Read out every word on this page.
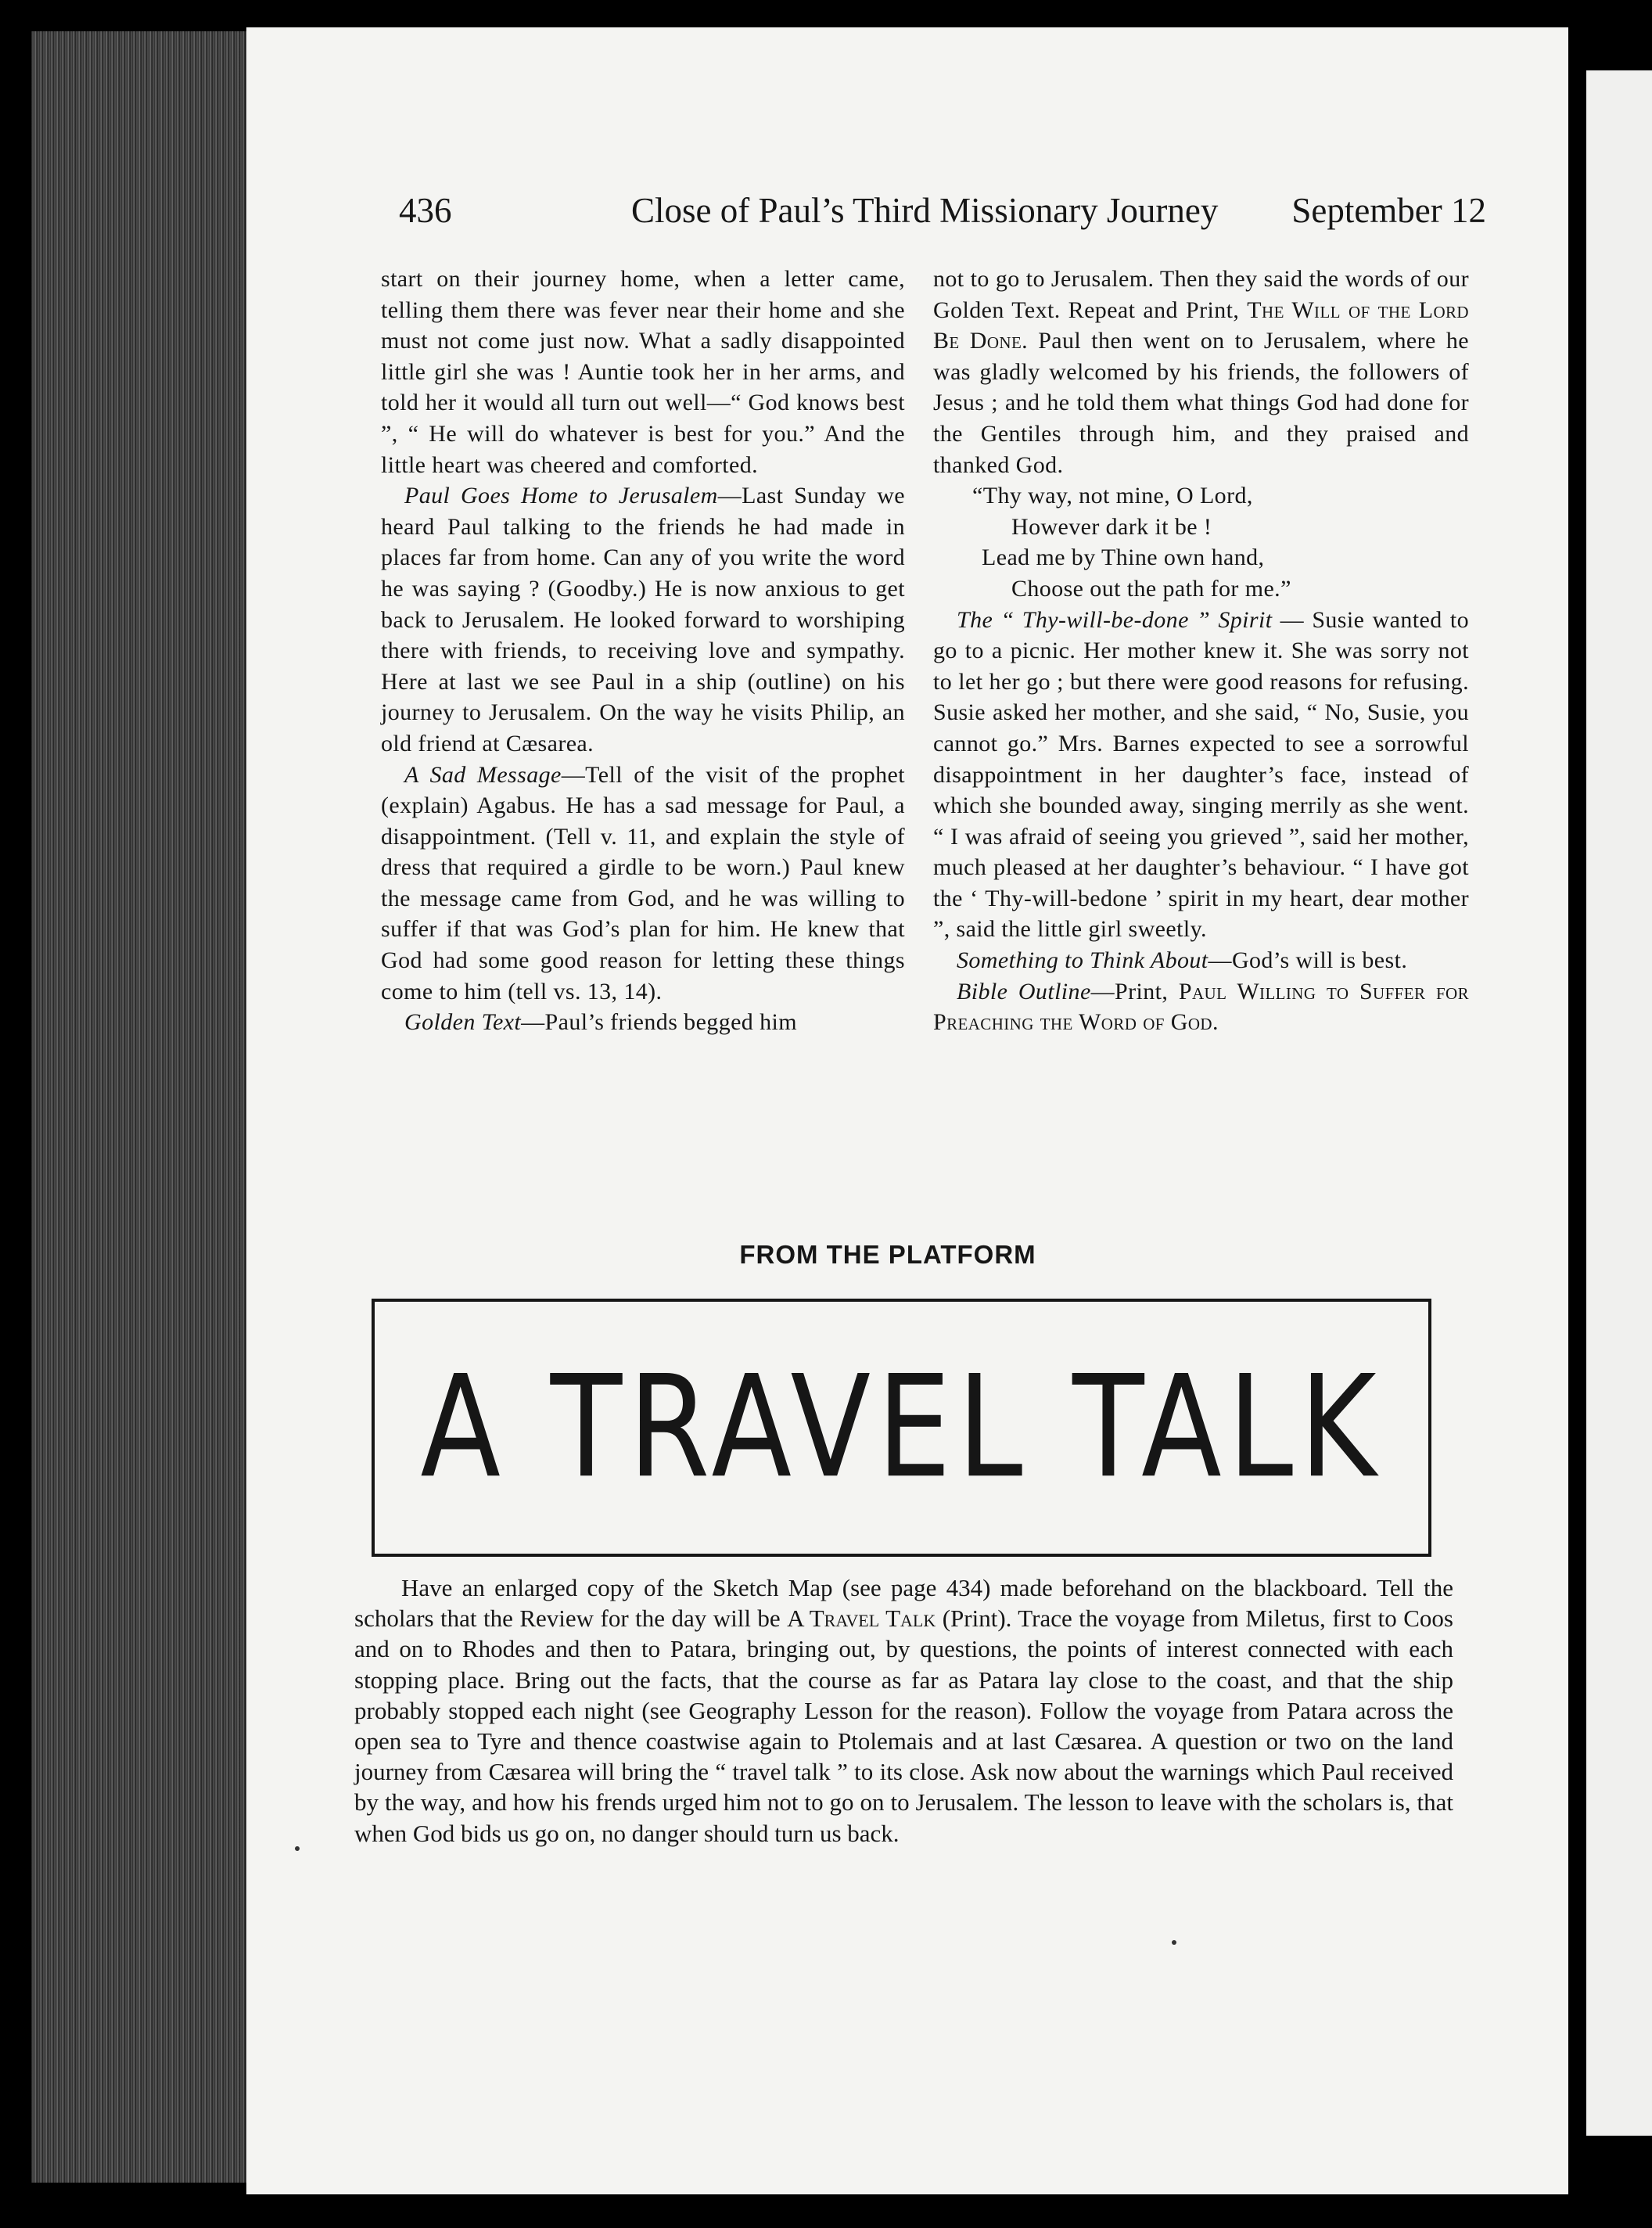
436	Close of Paul’s Third Missionary Journey September 12

start on their journey home, when a letter came, telling them there was fever near their home and she must not come just now. What a sadly disappointed little girl she was ! Auntie took her in her arms, and told her it would all turn out well—“ God knows best ”, “ He will do whatever is best for you.” And the little heart was cheered and comforted.

Paul Goes Home to Jerusalem—Last Sunday we heard Paul talking to the friends he had made in places far from home. Can any of you write the word he was saying ? (Goodby.) He is now anxious to get back to Jerusalem. He looked forward to worshiping there with friends, to receiving love and sympathy. Here at last we see Paul in a ship (outline) on his journey to Jerusalem. On the way he visits Philip, an old friend at Cæsarea.

A Sad Message—Tell of the visit of the prophet (explain) Agabus. He has a sad message for Paul, a disappointment. (Tell v. 11, and explain the style of dress that required a girdle to be worn.) Paul knew the message came from God, and he was willing to suffer if that was God’s plan for him. He knew that God had some good reason for letting these things come to him (tell vs. 13, 14).

Golden Text—Paul’s friends begged him

not to go to Jerusalem. Then they said the words of our Golden Text. Repeat and Print, The Will of the Lord Be Done. Paul then went on to Jerusalem, where he was gladly welcomed by his friends, the followers of Jesus ; and he told them what things God had done for the Gentiles through him, and they praised and thanked God.

“Thy way, not mine, O Lord,
However dark it be !
Lead me by Thine own hand,
Choose out the path for me.”

The “ Thy-will-be-done ” Spirit — Susie wanted to go to a picnic. Her mother knew it. She was sorry not to let her go ; but there were good reasons for refusing. Susie asked her mother, and she said, “ No, Susie, you cannot go.” Mrs. Barnes expected to see a sorrowful disappointment in her daughter’s face, instead of which she bounded away, singing merrily as she went. “ I was afraid of seeing you grieved ”, said her mother, much pleased at her daughter’s behaviour. “ I have got the ‘ Thy-will-bedone ’ spirit in my heart, dear mother ”, said the little girl sweetly.

Something to Think About—God’s will is best.

Bible Outline—Print, Paul Willing to Suffer for Preaching the Word of God.

FROM THE PLATFORM
A TRAVEL TALK

Have an enlarged copy of the Sketch Map (see page 434) made beforehand on the blackboard. Tell the scholars that the Review for the day will be A Travel Talk (Print). Trace the voyage from Miletus, first to Coos and on to Rhodes and then to Patara, bringing out, by questions, the points of interest connected with each stopping place. Bring out the facts, that the course as far as Patara lay close to the coast, and that the ship probably stopped each night (see Geography Lesson for the reason). Follow the voyage from Patara across the open sea to Tyre and thence coastwise again to Ptolemais and at last Cæsarea. A question or two on the land journey from Cæsarea will bring the “ travel talk ” to its close. Ask now about the warnings which Paul received by the way, and how his frends urged him not to go on to Jerusalem. The lesson to leave with the scholars is, that when God bids us go on, no danger should turn us back.
